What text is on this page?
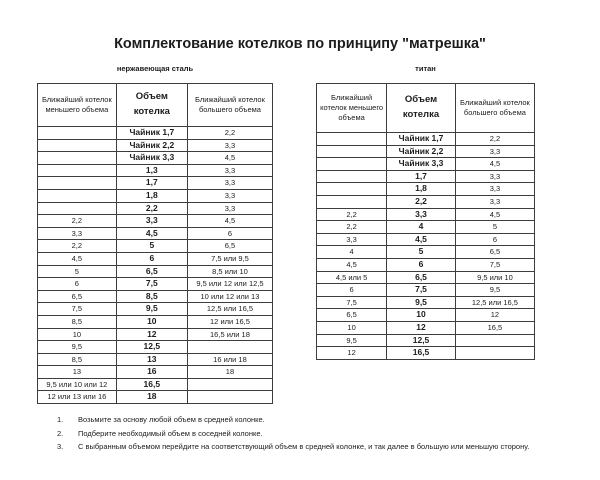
Комплектование котелков по принципу "матрешка"
нержавеющая сталь
Ближайший котелок меньшего объема	Объем котелка	Ближайший котелок большего объема
	Чайник 1,7	2,2
	Чайник 2,2	3,3
	Чайник 3,3	4,5
	1,3	3,3
	1,7	3,3
	1,8	3,3
	2,2	3,3
2,2	3,3	4,5
3,3	4,5	6
2,2	5	6,5
4,5	6	7,5 или 9,5
5	6,5	8,5 или 10
6	7,5	9,5 или 12 или 12,5
6,5	8,5	10 или 12 или 13
7,5	9,5	12,5 или 16,5
8,5	10	12 или 16,5
10	12	16,5 или 18
9,5	12,5	
8,5	13	16 или 18
13	16	18
9,5 или 10 или 12	16,5	
12 или 13 или 16	18	
титан
Ближайший котелок меньшего объема	Объем котелка	Ближайший котелок большего объема
	Чайник 1,7	2,2
	Чайник 2,2	3,3
	Чайник 3,3	4,5
	1,7	3,3
	1,8	3,3
	2,2	3,3
2,2	3,3	4,5
2,2	4	5
3,3	4,5	6
4	5	6,5
4,5	6	7,5
4,5 или 5	6,5	9,5 или 10
6	7,5	9,5
7,5	9,5	12,5 или 16,5
6,5	10	12
10	12	16,5
9,5	12,5	
12	16,5	
1.	Возьмите за основу любой объем в средней колонке.
2.	Подберите необходимый объем в соседней колонке.
3.	С выбранным объемом перейдите на соответствующий объем в средней колонке, и так далее в большую или меньшую сторону.
